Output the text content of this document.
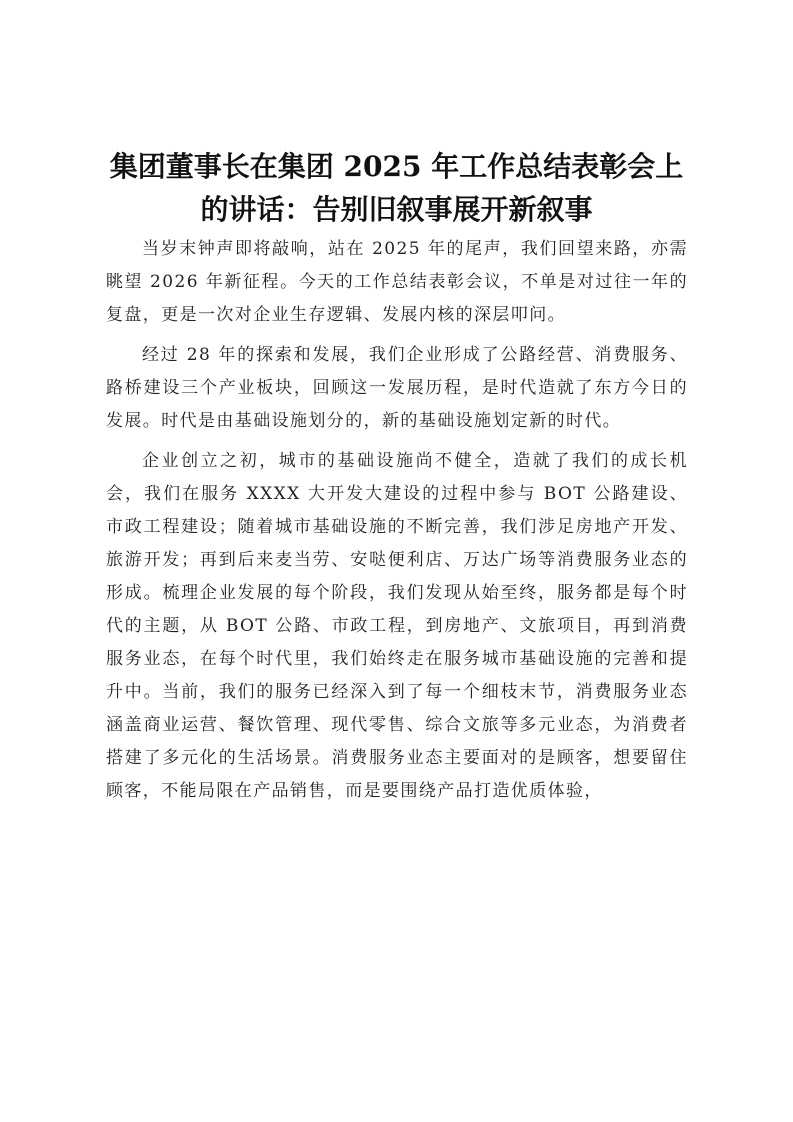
集团董事长在集团 2025 年工作总结表彰会上的讲话：告别旧叙事展开新叙事

当岁末钟声即将敲响，站在 2025 年的尾声，我们回望来路，亦需眺望 2026 年新征程。今天的工作总结表彰会议，不单是对过往一年的复盘，更是一次对企业生存逻辑、发展内核的深层叩问。

经过 28 年的探索和发展，我们企业形成了公路经营、消费服务、路桥建设三个产业板块，回顾这一发展历程，是时代造就了东方今日的发展。时代是由基础设施划分的，新的基础设施划定新的时代。

企业创立之初，城市的基础设施尚不健全，造就了我们的成长机会，我们在服务 XXXX 大开发大建设的过程中参与 BOT 公路建设、市政工程建设；随着城市基础设施的不断完善，我们涉足房地产开发、旅游开发；再到后来麦当劳、安哒便利店、万达广场等消费服务业态的形成。梳理企业发展的每个阶段，我们发现从始至终，服务都是每个时代的主题，从 BOT 公路、市政工程，到房地产、文旅项目，再到消费服务业态，在每个时代里，我们始终走在服务城市基础设施的完善和提升中。当前，我们的服务已经深入到了每一个细枝末节，消费服务业态涵盖商业运营、餐饮管理、现代零售、综合文旅等多元业态，为消费者搭建了多元化的生活场景。消费服务业态主要面对的是顾客，想要留住顾客，不能局限在产品销售，而是要围绕产品打造优质体验，
